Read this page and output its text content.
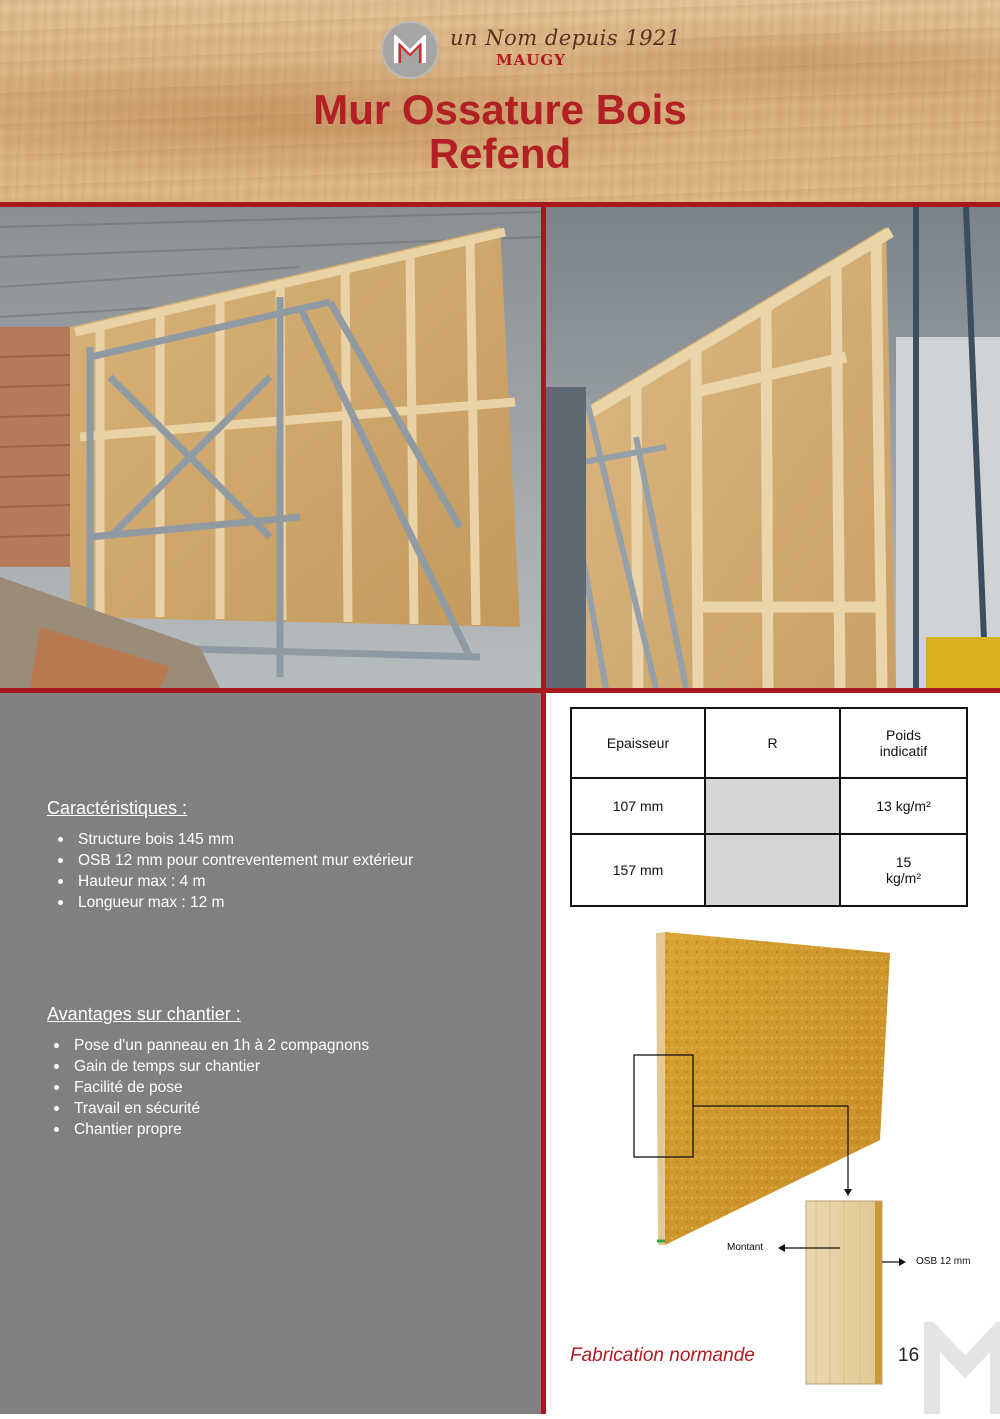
un Nom depuis 1921
MAUGY
Mur Ossature Bois
Refend
Caractéristiques :
Structure bois 145 mm
OSB 12 mm pour contreventement mur extérieur
Hauteur max : 4 m
Longueur max : 12 m
Avantages sur chantier :
Pose d'un panneau en 1h à 2 compagnons
Gain de temps sur chantier
Facilité de pose
Travail en sécurité
Chantier propre
Epaisseur	R	Poids
indicatif

107 mm		13 kg/m²

157 mm		15
kg/m²
Montant
OSB 12 mm
Fabrication normande	16
